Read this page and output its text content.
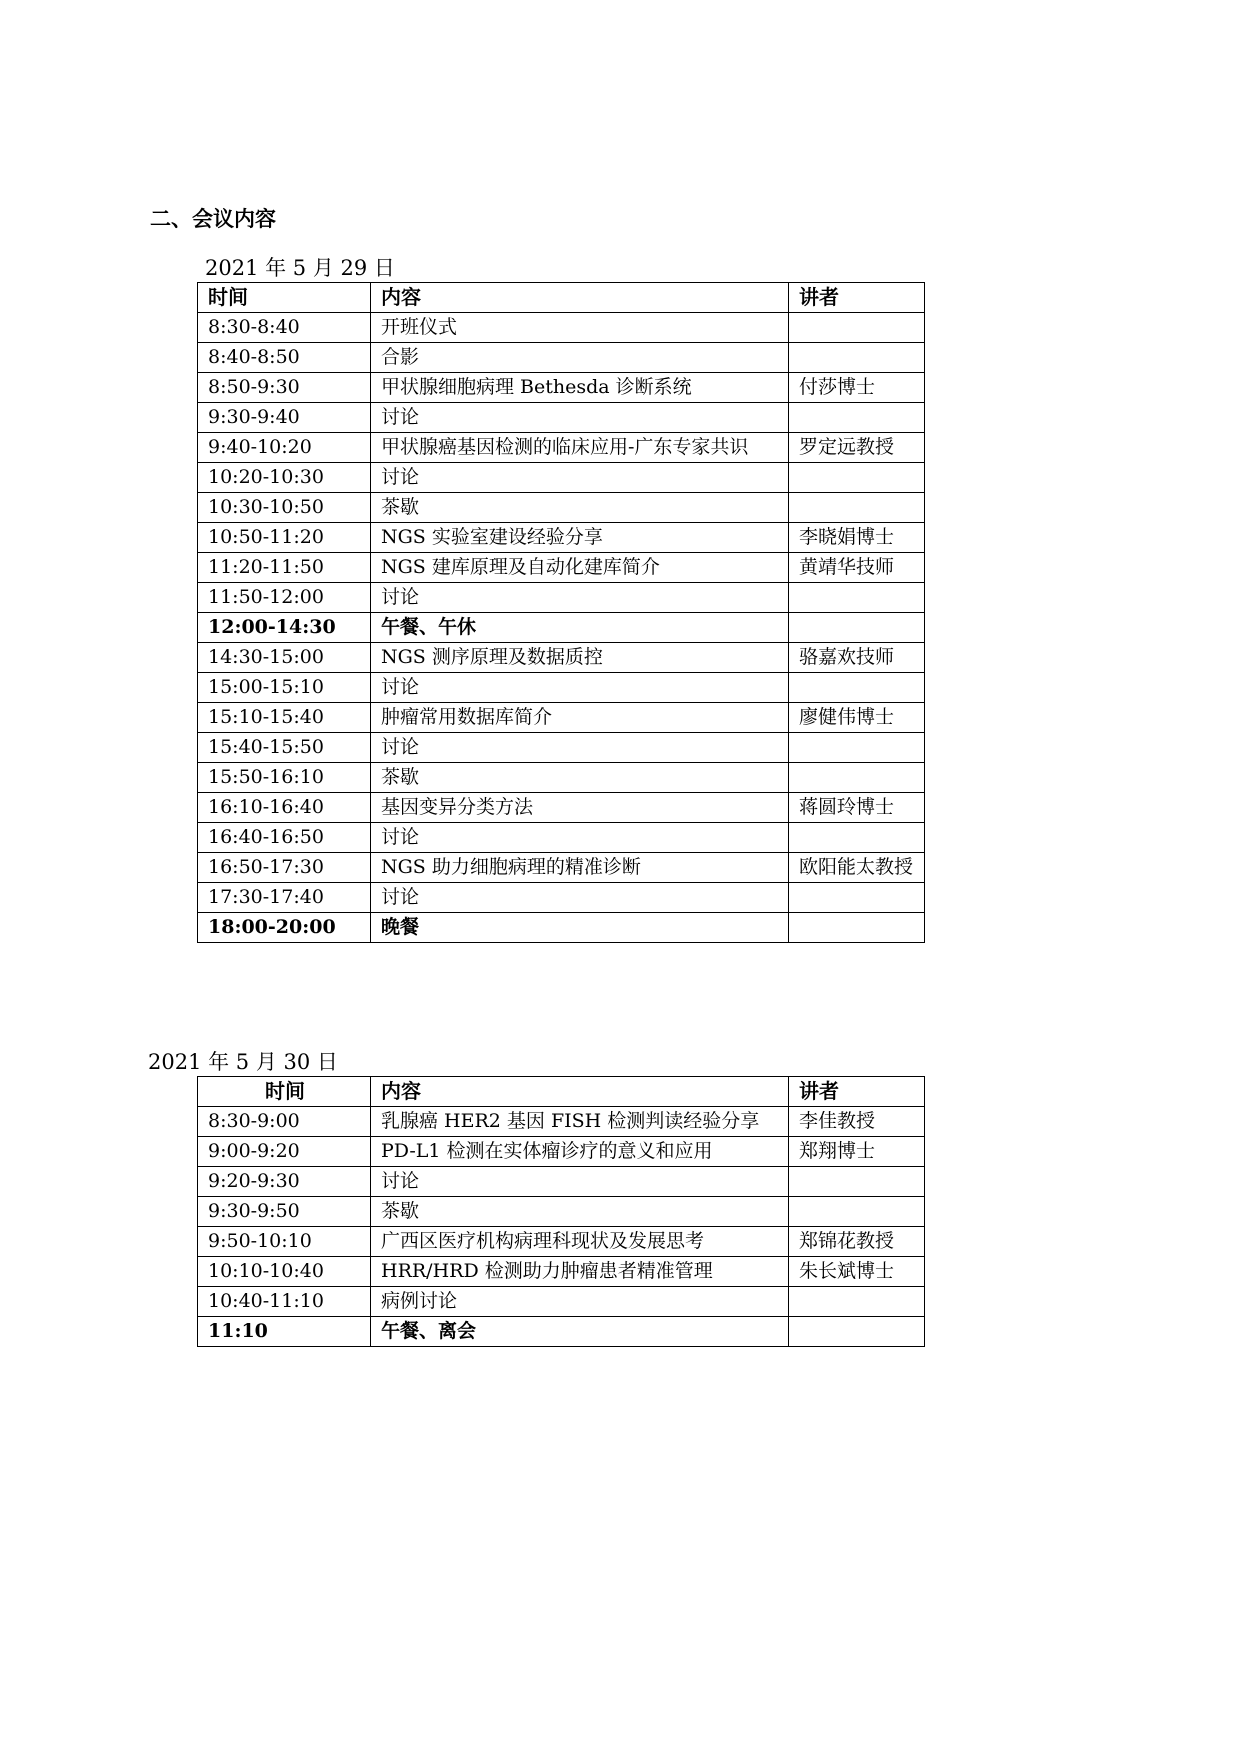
二、会议内容
2021 年 5 月 29 日
时间	内容	讲者
8:30-8:40	开班仪式	
8:40-8:50	合影	
8:50-9:30	甲状腺细胞病理 Bethesda 诊断系统	付莎博士
9:30-9:40	讨论	
9:40-10:20	甲状腺癌基因检测的临床应用-广东专家共识	罗定远教授
10:20-10:30	讨论	
10:30-10:50	茶歇	
10:50-11:20	NGS 实验室建设经验分享	李晓娟博士
11:20-11:50	NGS 建库原理及自动化建库简介	黄靖华技师
11:50-12:00	讨论	
12:00-14:30	午餐、午休	
14:30-15:00	NGS 测序原理及数据质控	骆嘉欢技师
15:00-15:10	讨论	
15:10-15:40	肿瘤常用数据库简介	廖健伟博士
15:40-15:50	讨论	
15:50-16:10	茶歇	
16:10-16:40	基因变异分类方法	蒋圆玲博士
16:40-16:50	讨论	
16:50-17:30	NGS 助力细胞病理的精准诊断	欧阳能太教授
17:30-17:40	讨论	
18:00-20:00	晚餐	
2021 年 5 月 30 日
时间	内容	讲者
8:30-9:00	乳腺癌 HER2 基因 FISH 检测判读经验分享	李佳教授
9:00-9:20	PD-L1 检测在实体瘤诊疗的意义和应用	郑翔博士
9:20-9:30	讨论	
9:30-9:50	茶歇	
9:50-10:10	广西区医疗机构病理科现状及发展思考	郑锦花教授
10:10-10:40	HRR/HRD 检测助力肿瘤患者精准管理	朱长斌博士
10:40-11:10	病例讨论	
11:10	午餐、离会	
